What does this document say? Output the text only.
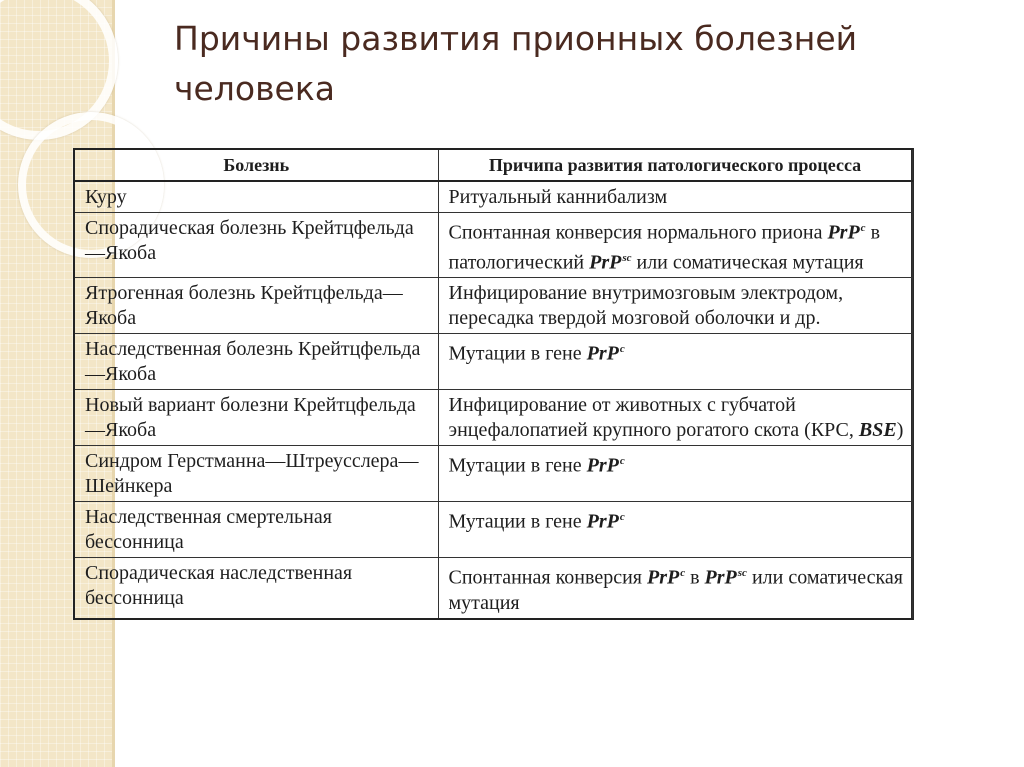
Причины развития прионных болезней
человека
Болезнь	Причипа развития патологического процесса
Куру	Ритуальный каннибализм
Спорадическая болезнь Крейтцфельда—Якоба	Спонтанная конверсия нормального приона PrP$^c$ в патологический PrP$^{sc}$ или соматическая мутация
Ятрогенная болезнь Крейтцфельда—Якоба	Инфицирование внутримозговым электродом, пересадка твердой мозговой оболочки и др.
Наследственная болезнь Крейтцфельда—Якоба	Мутации в гене PrP$^c$
Новый вариант болезни Крейтцфельда—Якоба	Инфицирование от животных с губчатой энцефалопатией крупного рогатого скота (КРС, BSE)
Синдром Герстманна—Штреусслера—Шейнкера	Мутации в гене PrP$^c$
Наследственная смертельная бессонница	Мутации в гене PrP$^c$
Спорадическая наследственная бессонница	Спонтанная конверсия PrP$^c$ в PrP$^{sc}$ или соматическая мутация
